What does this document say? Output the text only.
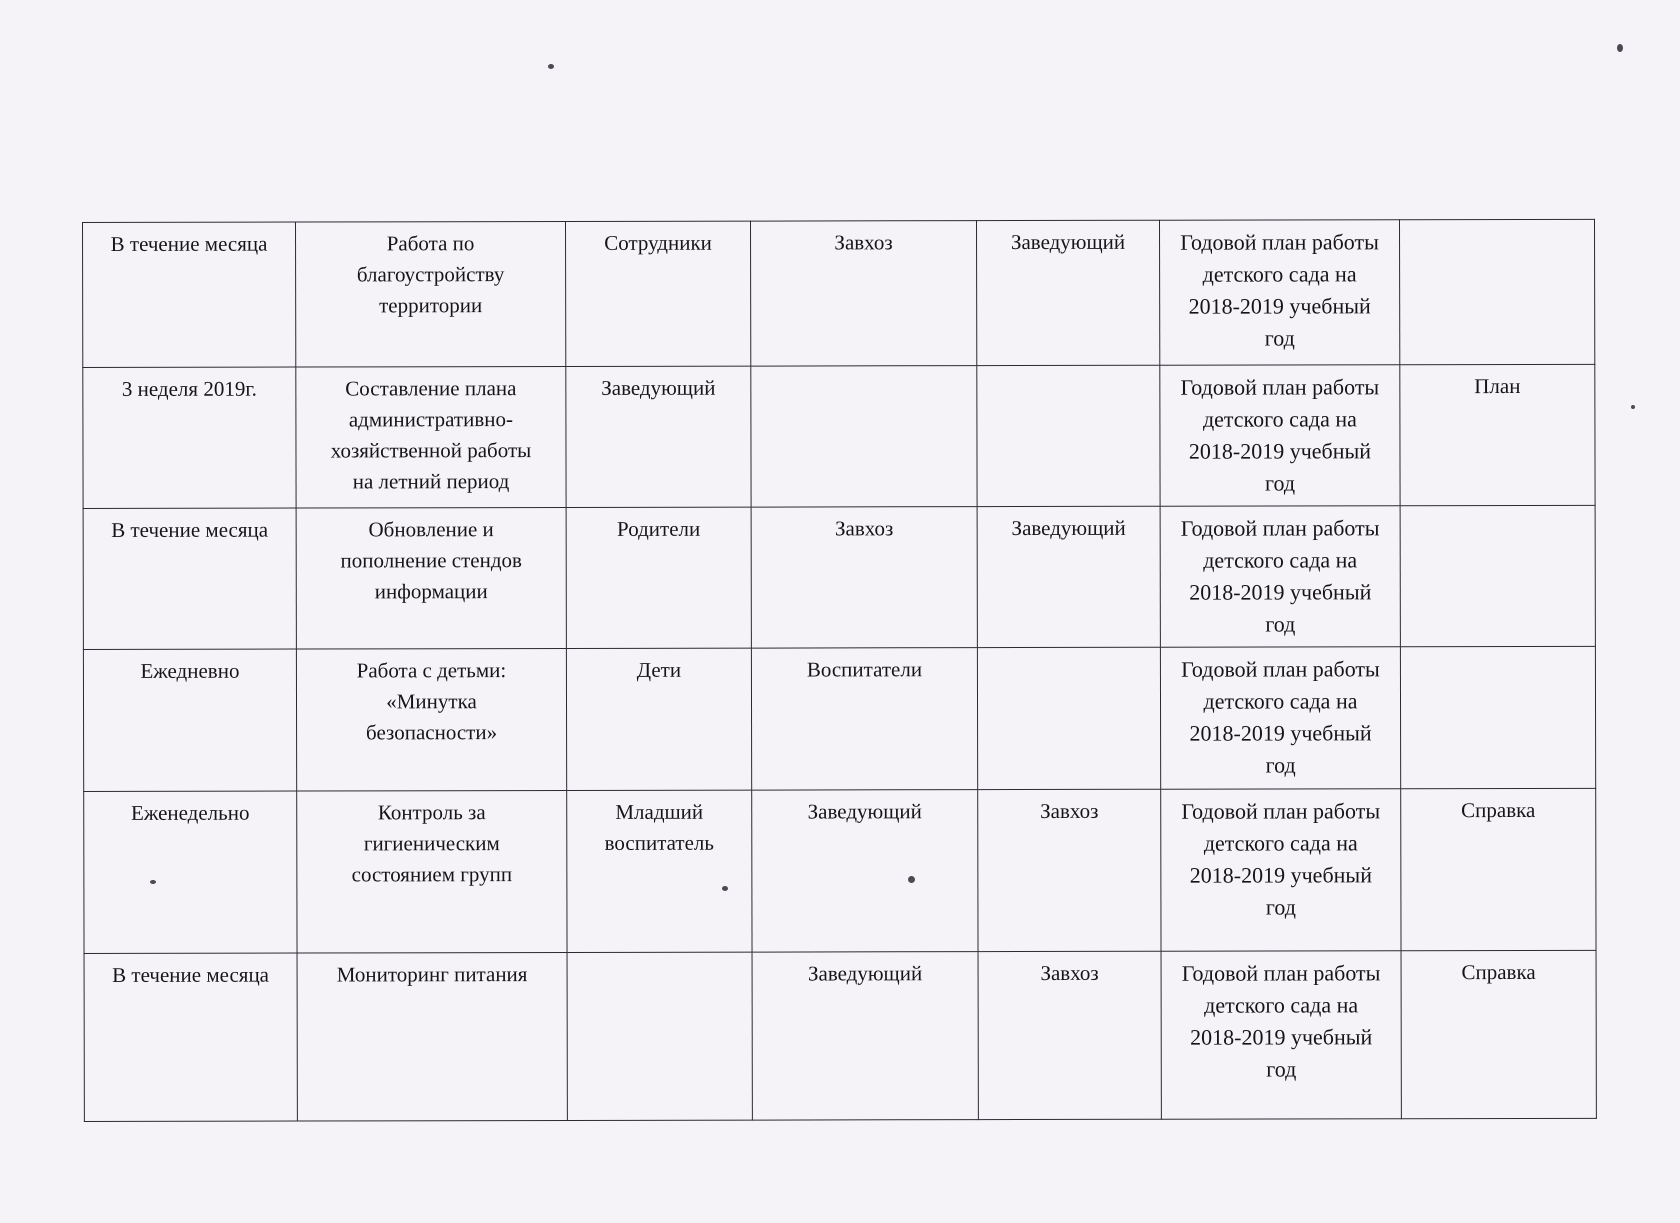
В течение месяца	Работа по
благоустройству
территории	Сотрудники	Завхоз	Заведующий	Годовой план работы
детского сада на
2018-2019 учебный
год	

3 неделя 2019г.	Составление плана
административно-
хозяйственной работы
на летний период	Заведующий			Годовой план работы
детского сада на
2018-2019 учебный
год	План

В течение месяца	Обновление и
пополнение стендов
информации	Родители	Завхоз	Заведующий	Годовой план работы
детского сада на
2018-2019 учебный
год	

Ежедневно	Работа с детьми:
«Минутка
безопасности»	Дети	Воспитатели		Годовой план работы
детского сада на
2018-2019 учебный
год	

Еженедельно	Контроль за
гигиеническим
состоянием групп	Младший
воспитатель	Заведующий	Завхоз	Годовой план работы
детского сада на
2018-2019 учебный
год	Справка

В течение месяца	Мониторинг питания		Заведующий	Завхоз	Годовой план работы
детского сада на
2018-2019 учебный
год	Справка
